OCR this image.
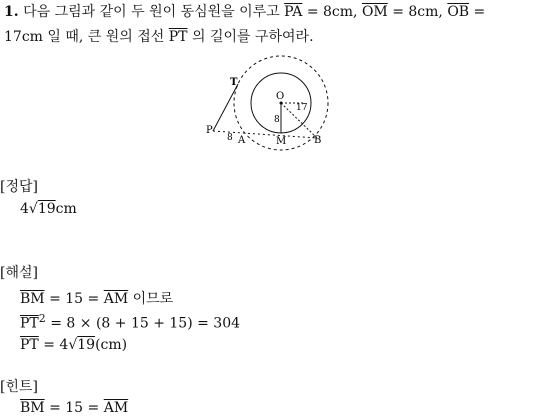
1. 다음 그림과 같이 두 원이 동심원을 이루고 $\overline{PA} = 8cm$, $\overline{OM} = 8cm$, $\overline{OB}$ =
17cm 일 때, 큰 원의 접선 $\overline{PT}$ 의 길이를 구하여라.
T
O
8
17
P
8 A	M	B
[정답]
4√19cm
[해설]
$\overline{BM} = 15 = \overline{AM}$ 이므로
$\overline{PT}^2 = 8 \times (8 + 15 + 15) = 304$
$\overline{PT} = 4√19(cm)$
[힌트]
$\overline{BM} = 15 = \overline{AM}$
